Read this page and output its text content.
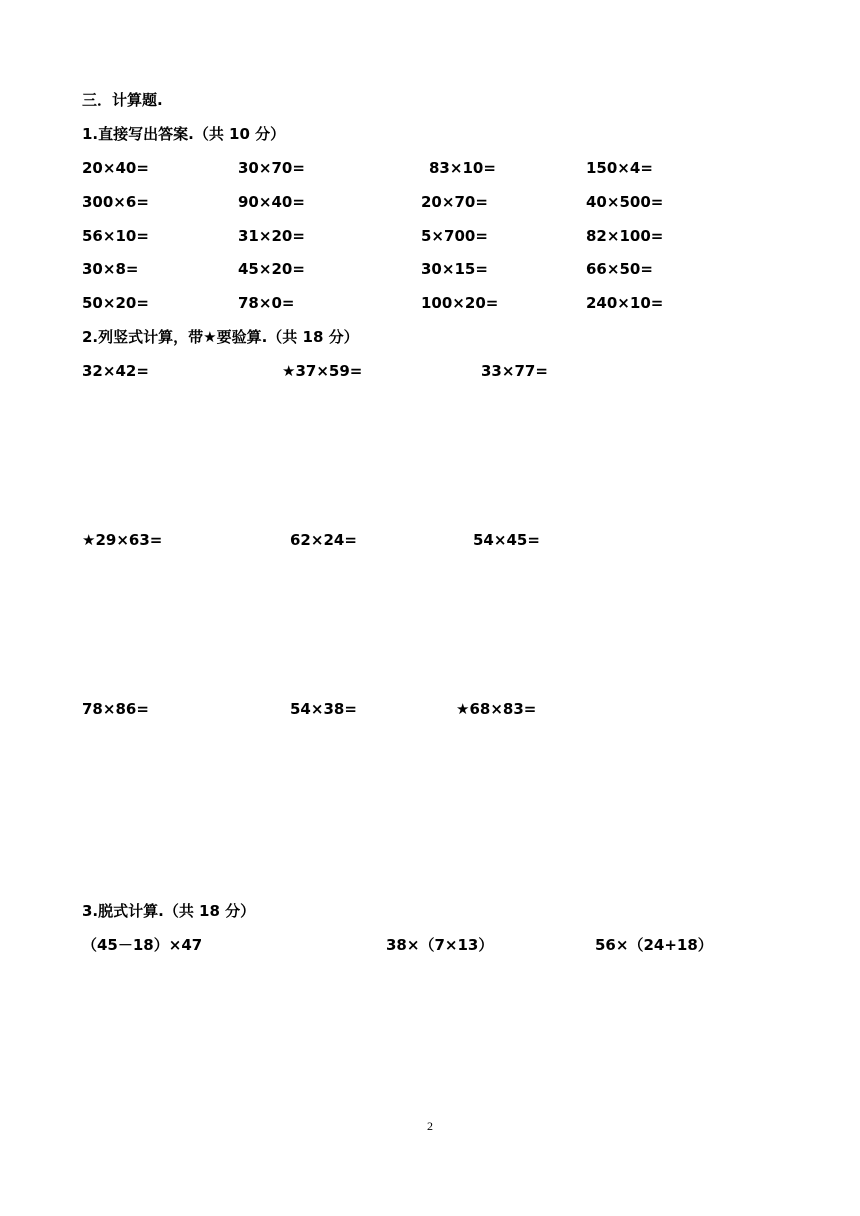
三．计算题.
1.直接写出答案.（共 10 分）
20×40=	30×70=	83×10=	150×4=
300×6=	90×40=	20×70=	40×500=
56×10=	31×20=	5×700=	82×100=
30×8=	45×20=	30×15=	66×50=
50×20=	78×0=	100×20=	240×10=
2.列竖式计算，带★要验算.（共 18 分）
32×42=	★37×59=	33×77=
★29×63=	62×24=	54×45=
78×86=	54×38=	★68×83=
3.脱式计算.（共 18 分）
（45－18）×47	38×（7×13）	56×（24+18）
2
